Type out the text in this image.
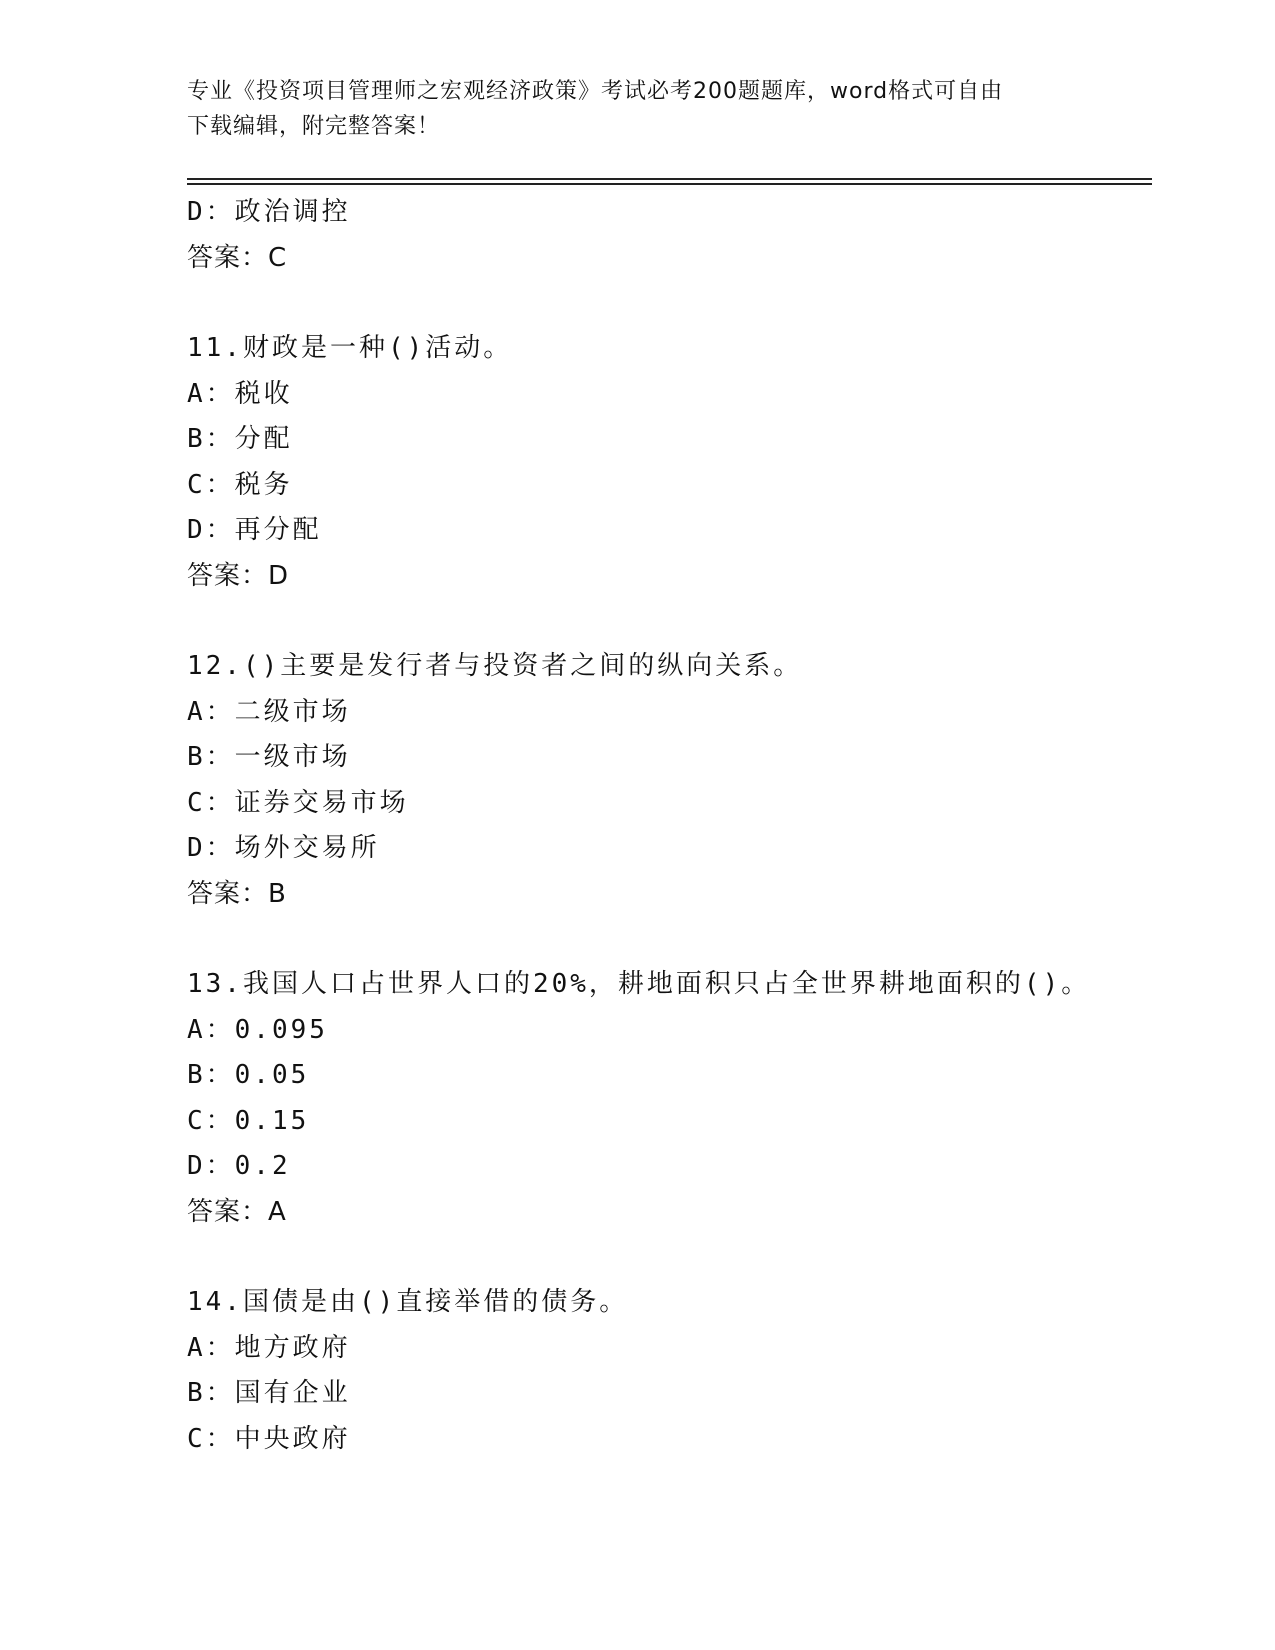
专业《投资项目管理师之宏观经济政策》考试必考200题题库，word格式可自由
下载编辑，附完整答案！
D：政治调控
答案：C
11.财政是一种()活动。
A：税收
B：分配
C：税务
D：再分配
答案：D
12.()主要是发行者与投资者之间的纵向关系。
A：二级市场
B：一级市场
C：证券交易市场
D：场外交易所
答案：B
13.我国人口占世界人口的20%，耕地面积只占全世界耕地面积的()。
A：0.095
B：0.05
C：0.15
D：0.2
答案：A
14.国债是由()直接举借的债务。
A：地方政府
B：国有企业
C：中央政府
